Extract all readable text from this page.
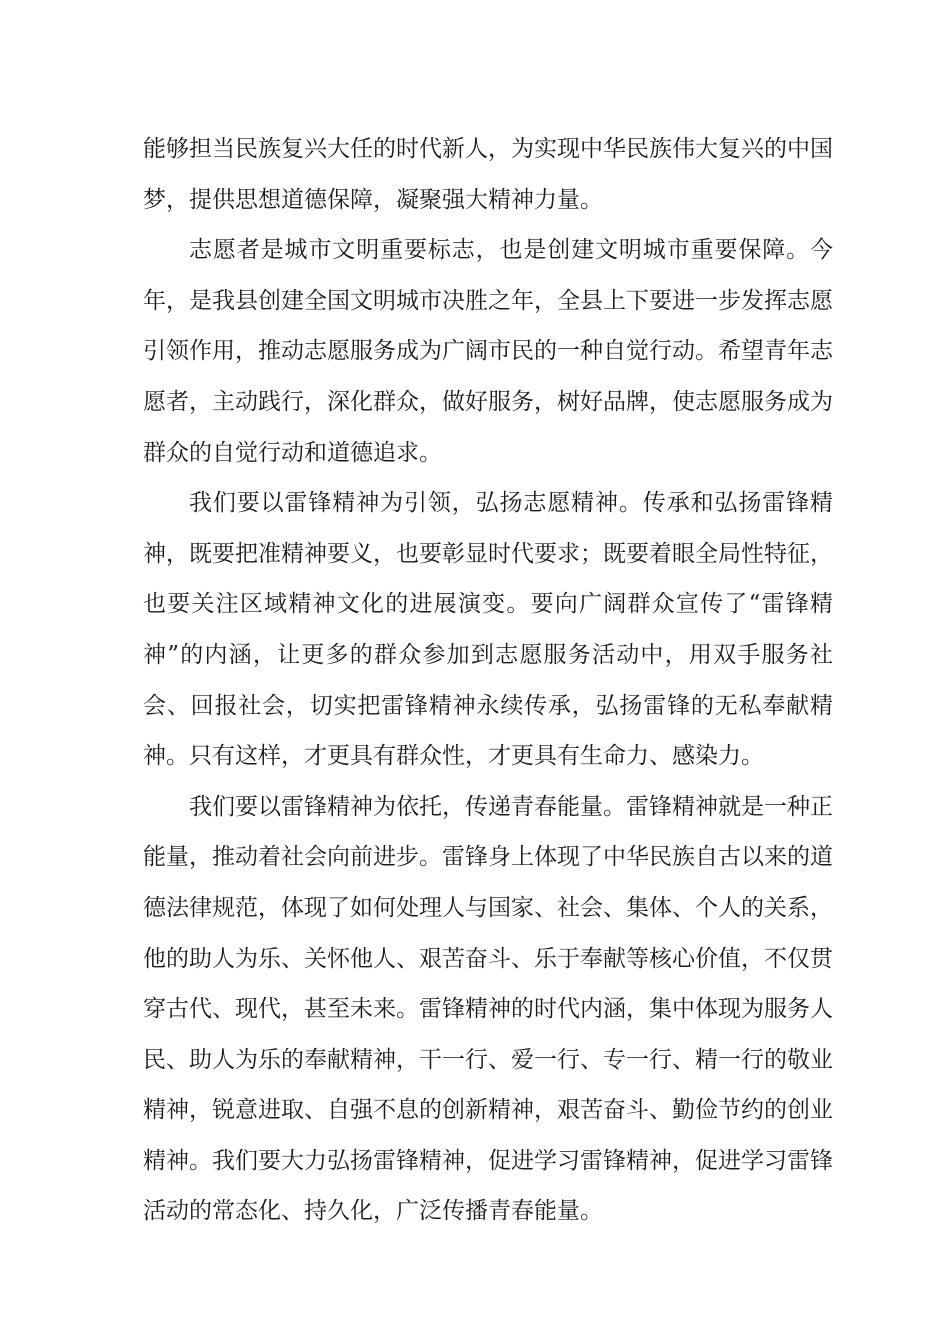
能够担当民族复兴大任的时代新人，为实现中华民族伟大复兴的中国梦，提供思想道德保障，凝聚强大精神力量。

志愿者是城市文明重要标志，也是创建文明城市重要保障。今年，是我县创建全国文明城市决胜之年，全县上下要进一步发挥志愿引领作用，推动志愿服务成为广阔市民的一种自觉行动。希望青年志愿者，主动践行，深化群众，做好服务，树好品牌，使志愿服务成为群众的自觉行动和道德追求。

我们要以雷锋精神为引领，弘扬志愿精神。传承和弘扬雷锋精神，既要把准精神要义，也要彰显时代要求；既要着眼全局性特征，也要关注区域精神文化的进展演变。要向广阔群众宣传了“雷锋精神”的内涵，让更多的群众参加到志愿服务活动中，用双手服务社会、回报社会，切实把雷锋精神永续传承，弘扬雷锋的无私奉献精神。只有这样，才更具有群众性，才更具有生命力、感染力。

我们要以雷锋精神为依托，传递青春能量。雷锋精神就是一种正能量，推动着社会向前进步。雷锋身上体现了中华民族自古以来的道德法律规范，体现了如何处理人与国家、社会、集体、个人的关系，他的助人为乐、关怀他人、艰苦奋斗、乐于奉献等核心价值，不仅贯穿古代、现代，甚至未来。雷锋精神的时代内涵，集中体现为服务人民、助人为乐的奉献精神，干一行、爱一行、专一行、精一行的敬业精神，锐意进取、自强不息的创新精神，艰苦奋斗、勤俭节约的创业精神。我们要大力弘扬雷锋精神，促进学习雷锋精神，促进学习雷锋活动的常态化、持久化，广泛传播青春能量。
